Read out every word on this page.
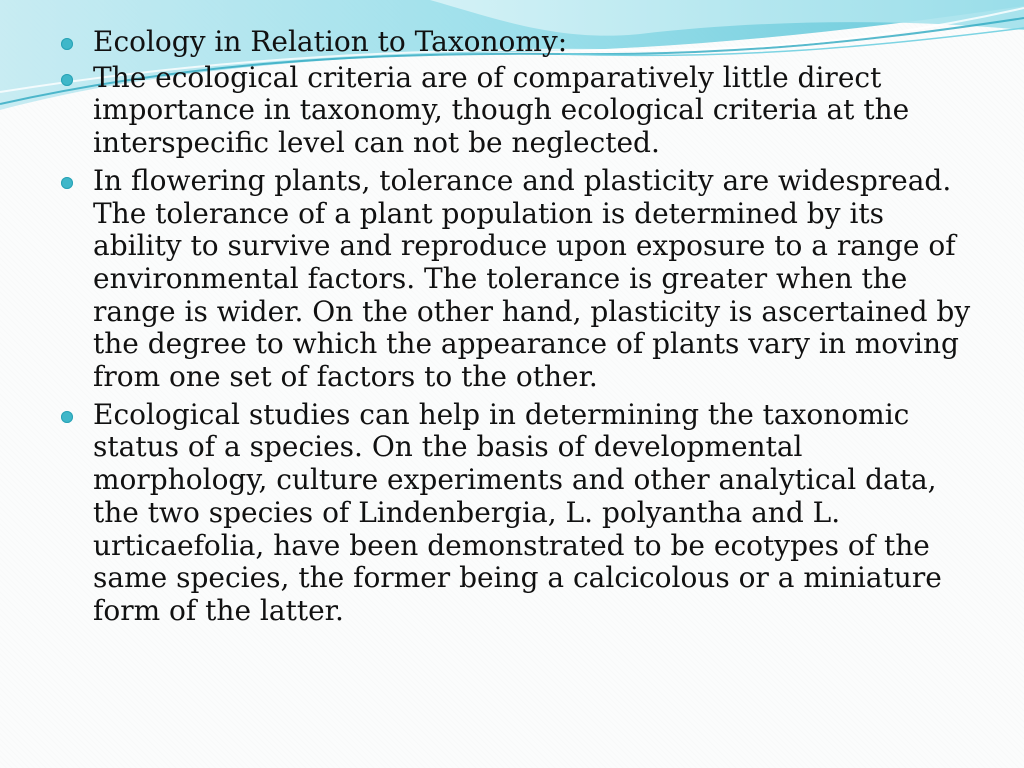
Ecology in Relation to Taxonomy:
The ecological criteria are of comparatively little direct importance in taxonomy, though ecological criteria at the interspecific level can not be neglected.
In flowering plants, tolerance and plasticity are widespread. The tolerance of a plant population is determined by its ability to survive and reproduce upon exposure to a range of environmental factors. The tolerance is greater when the range is wider. On the other hand, plasticity is ascertained by the degree to which the appearance of plants vary in moving from one set of factors to the other.
Ecological studies can help in determining the taxonomic status of a species. On the basis of developmental morphology, culture experiments and other analytical data, the two species of Lindenbergia, L. polyantha and L. urticaefolia, have been demonstrated to be ecotypes of the same species, the former being a calcicolous or a miniature form of the latter.
